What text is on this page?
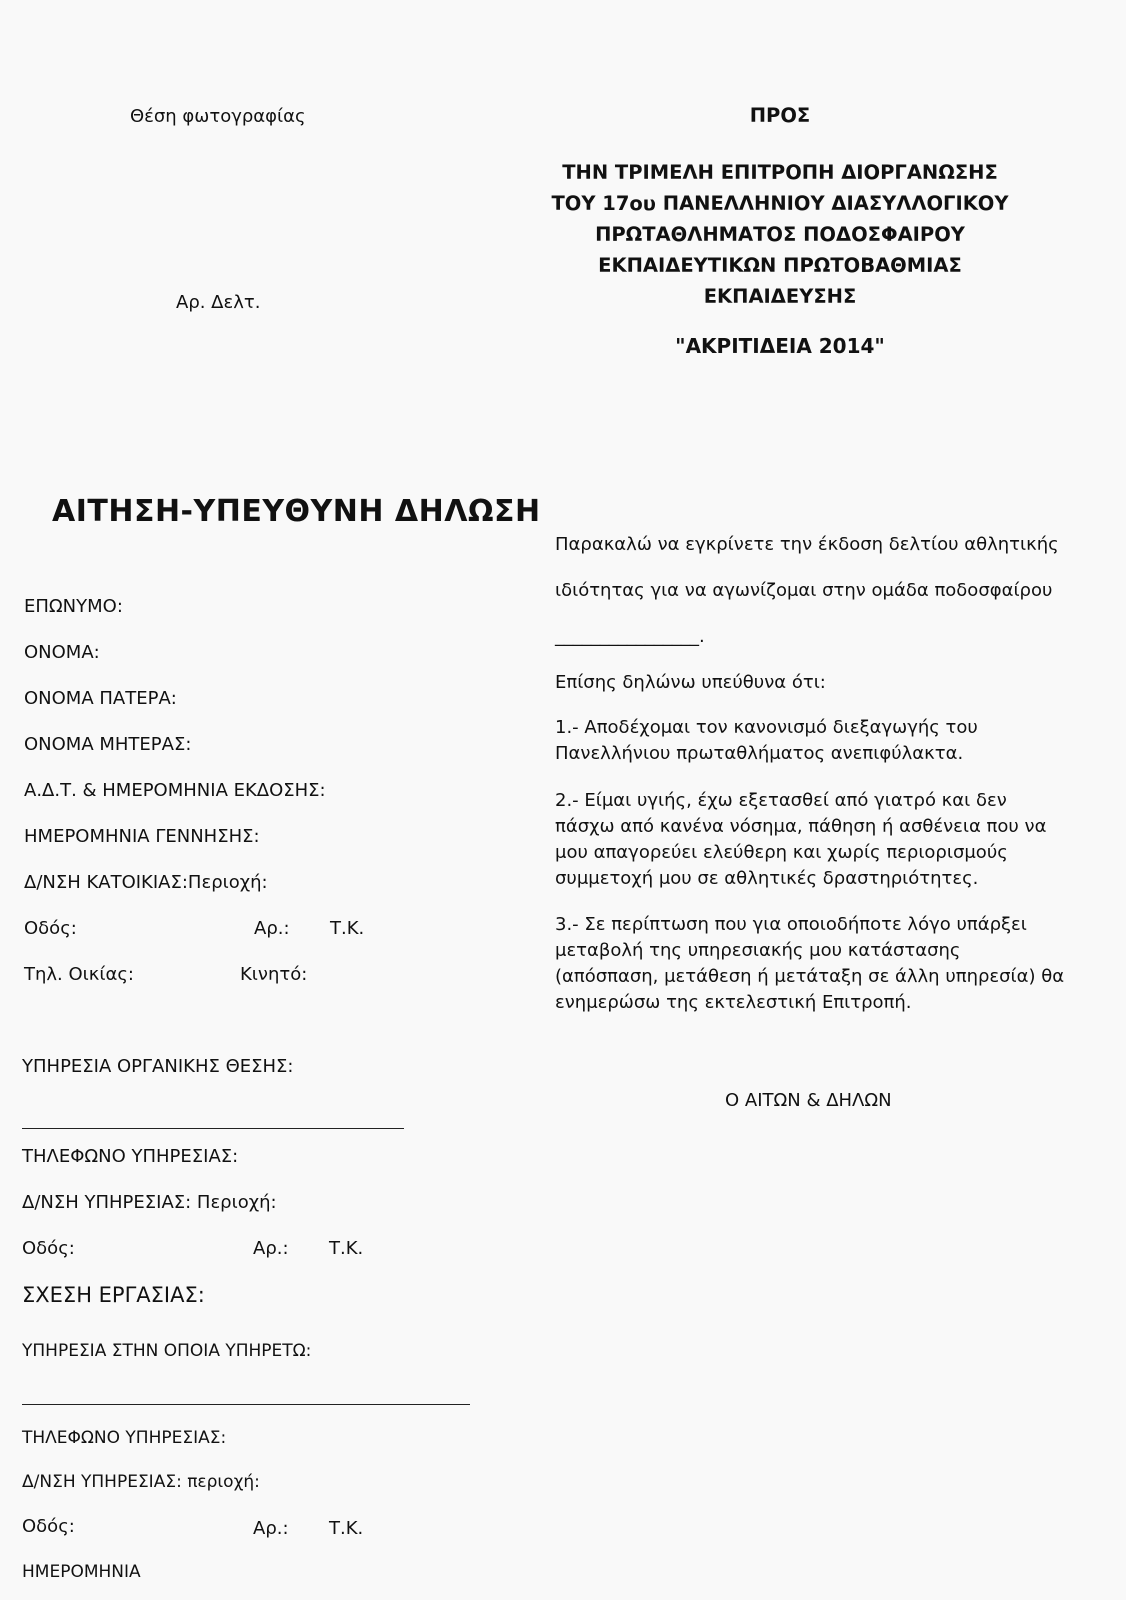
Θέση φωτογραφίας
Αρ. Δελτ.
ΠΡΟΣ
ΤΗΝ ΤΡΙΜΕΛΗ ΕΠΙΤΡΟΠΗ ΔΙΟΡΓΑΝΩΣΗΣ
ΤΟΥ 17ου ΠΑΝΕΛΛΗΝΙΟΥ ΔΙΑΣΥΛΛΟΓΙΚΟΥ
ΠΡΩΤΑΘΛΗΜΑΤΟΣ ΠΟΔΟΣΦΑΙΡΟΥ
ΕΚΠΑΙΔΕΥΤΙΚΩΝ ΠΡΩΤΟΒΑΘΜΙΑΣ
ΕΚΠΑΙΔΕΥΣΗΣ
"ΑΚΡΙΤΙΔΕΙΑ 2014"
ΑΙΤΗΣΗ-ΥΠΕΥΘΥΝΗ ΔΗΛΩΣΗ
ΕΠΩΝΥΜΟ:
ΟΝΟΜΑ:
ΟΝΟΜΑ ΠΑΤΕΡΑ:
ΟΝΟΜΑ ΜΗΤΕΡΑΣ:
Α.Δ.Τ. & ΗΜΕΡΟΜΗΝΙΑ ΕΚΔΟΣΗΣ:
ΗΜΕΡΟΜΗΝΙΑ ΓΕΝΝΗΣΗΣ:
Δ/ΝΣΗ ΚΑΤΟΙΚΙΑΣ:Περιοχή:
Οδός:	Αρ.: Τ.Κ.
Τηλ. Οικίας:	Κινητό:
ΥΠΗΡΕΣΙΑ ΟΡΓΑΝΙΚΗΣ ΘΕΣΗΣ:
ΤΗΛΕΦΩΝΟ ΥΠΗΡΕΣΙΑΣ:
Δ/ΝΣΗ ΥΠΗΡΕΣΙΑΣ: Περιοχή:
Οδός:	Αρ.: Τ.Κ.
ΣΧΕΣΗ ΕΡΓΑΣΙΑΣ:
ΥΠΗΡΕΣΙΑ ΣΤΗΝ ΟΠΟΙΑ ΥΠΗΡΕΤΩ:
ΤΗΛΕΦΩΝΟ ΥΠΗΡΕΣΙΑΣ:
Δ/ΝΣΗ ΥΠΗΡΕΣΙΑΣ: περιοχή:
Οδός:	Αρ.: Τ.Κ.
ΗΜΕΡΟΜΗΝΙΑ
Παρακαλώ να εγκρίνετε την έκδοση δελτίου αθλητικής
ιδιότητας για να αγωνίζομαι στην ομάδα ποδοσφαίρου
________________.
Επίσης δηλώνω υπεύθυνα ότι:
1.- Αποδέχομαι τον κανονισμό διεξαγωγής του Πανελλήνιου πρωταθλήματος ανεπιφύλακτα.
2.- Είμαι υγιής, έχω εξετασθεί από γιατρό και δεν πάσχω από κανένα νόσημα, πάθηση ή ασθένεια που να μου απαγορεύει ελεύθερη και χωρίς περιορισμούς συμμετοχή μου σε αθλητικές δραστηριότητες.
3.- Σε περίπτωση που για οποιοδήποτε λόγο υπάρξει μεταβολή της υπηρεσιακής μου κατάστασης (απόσπαση, μετάθεση ή μετάταξη σε άλλη υπηρεσία) θα ενημερώσω της εκτελεστική Επιτροπή.
Ο ΑΙΤΩΝ & ΔΗΛΩΝ
